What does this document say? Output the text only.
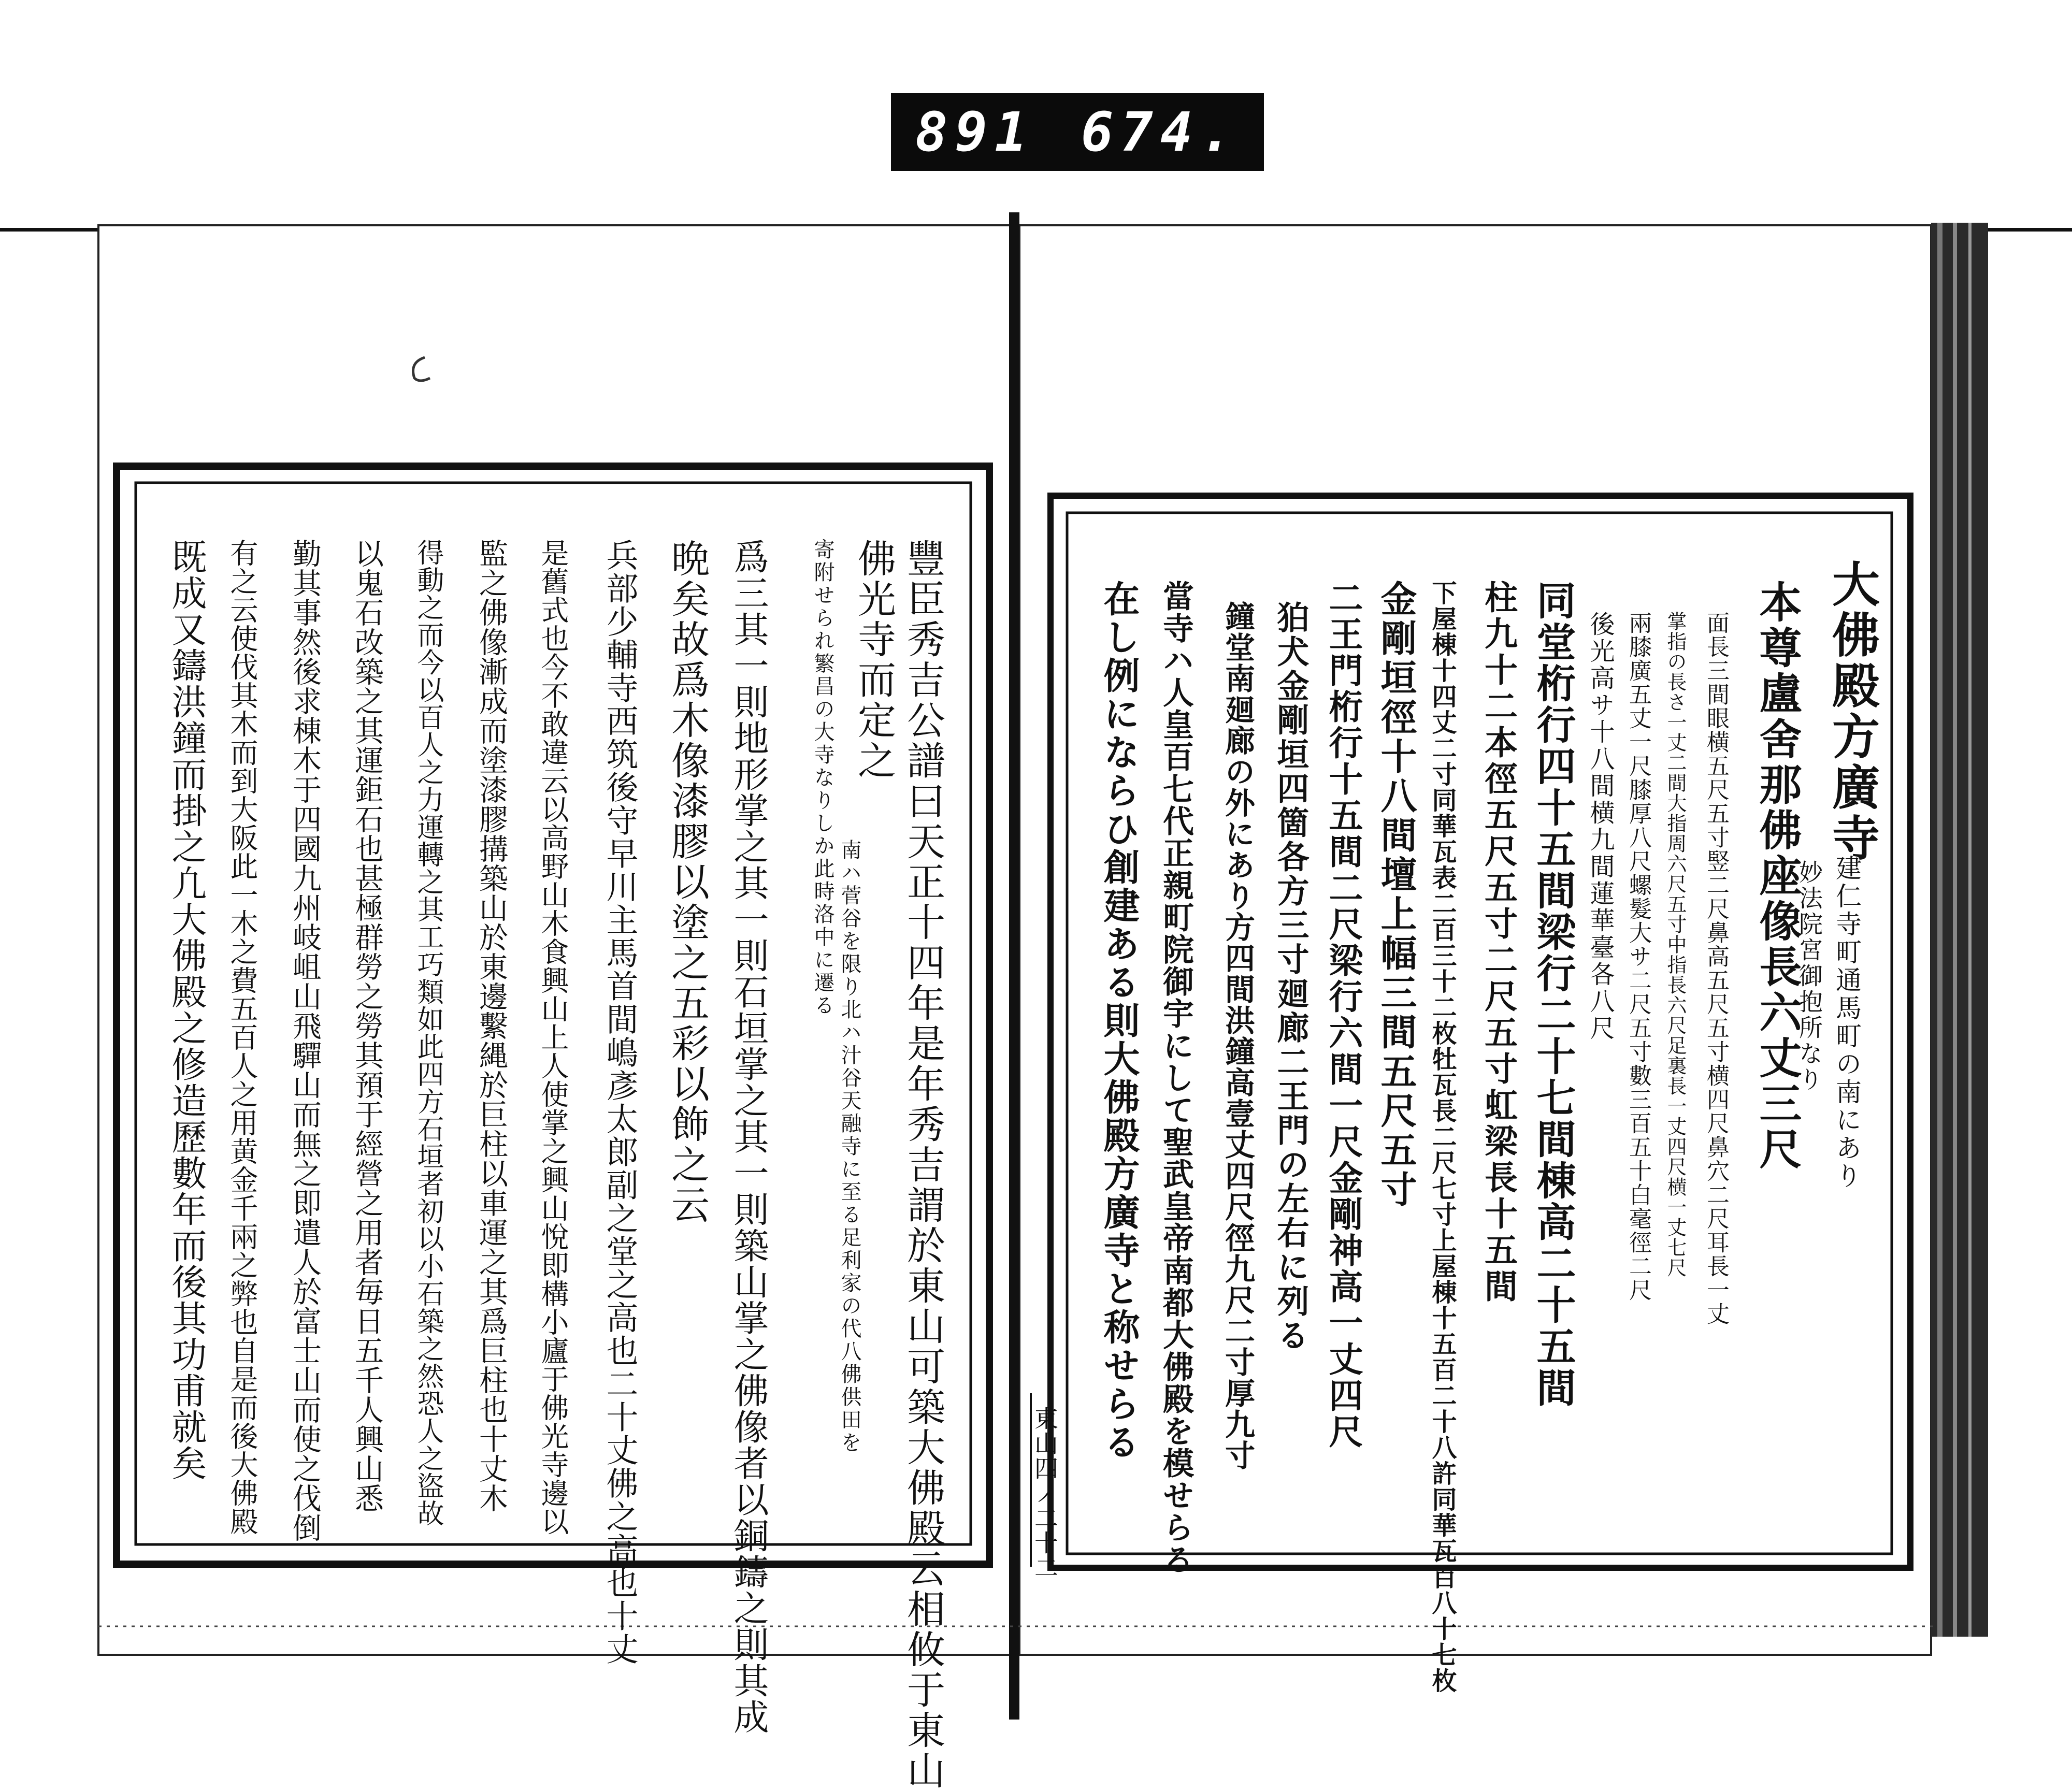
891 674.
東山四ノ二十二
豐臣秀吉公譜曰天正十四年是年秀吉謂於東山可築大佛殿云相攸于東山
佛光寺而定之
南ハ菅谷を限り北ハ汁谷天融寺に至る足利家の代八佛供田を
寄附せられ繁昌の大寺なりしか此時洛中に遷る
爲三其一則地形掌之其一則石垣掌之其一則築山掌之佛像者以銅鑄之則其成
晩矣故爲木像漆膠以塗之五彩以飾之云
兵部少輔寺西筑後守早川主馬首間嶋彥太郎副之堂之高也二十丈佛之高也十丈
是舊式也今不敢違云以高野山木食興山上人使掌之興山悅即構小廬于佛光寺邊以
監之佛像漸成而塗漆膠搆築山於東邊繫縄於巨柱以車運之其爲巨柱也十丈木
得動之而今以百人之力運轉之其工巧類如此四方石垣者初以小石築之然恐人之盜故
以鬼石改築之其運鉅石也甚極群勞之勞其預于經營之用者毎日五千人興山悉
勤其事然後求棟木于四國九州岐岨山飛驒山而無之即遣人於富士山而使之伐倒
有之云使伐其木而到大阪此一木之費五百人之用黄金千兩之弊也自是而後大佛殿
既成又鑄洪鐘而掛之凢大佛殿之修造歷數年而後其功甫就矣	大佛殿方廣寺
建仁寺町通馬町の南にあり
妙法院宮御抱所なり
本尊盧舍那佛座像長六丈三尺
面長三間眼横五尺五寸竪二尺鼻高五尺五寸横四尺鼻穴二尺耳長一丈
掌指の長さ一丈二間大指周六尺五寸中指長六尺足裏長一丈四尺横一丈七尺
兩膝廣五丈一尺膝厚八尺螺髮大サ二尺五寸數三百五十白毫徑二尺
後光高サ十八間横九間蓮華臺各八尺
同堂桁行四十五間梁行二十七間棟高二十五間
柱九十二本徑五尺五寸二尺五寸虹梁長十五間
下屋棟十四丈二寸同華瓦表二百三十二枚牡瓦長二尺七寸上屋棟十五百二十八許同華瓦百八十七枚
金剛垣徑十八間壇上幅三間五尺五寸
二王門桁行十五間二尺梁行六間一尺金剛神高一丈四尺
狛犬金剛垣四箇各方三寸廻廊二王門の左右に列る
鐘堂南廻廊の外にあり方四間洪鐘高壹丈四尺徑九尺二寸厚九寸
當寺ハ人皇百七代正親町院御宇にして聖武皇帝南都大佛殿を模せらる
在し例にならひ創建ある則大佛殿方廣寺と称せらる
